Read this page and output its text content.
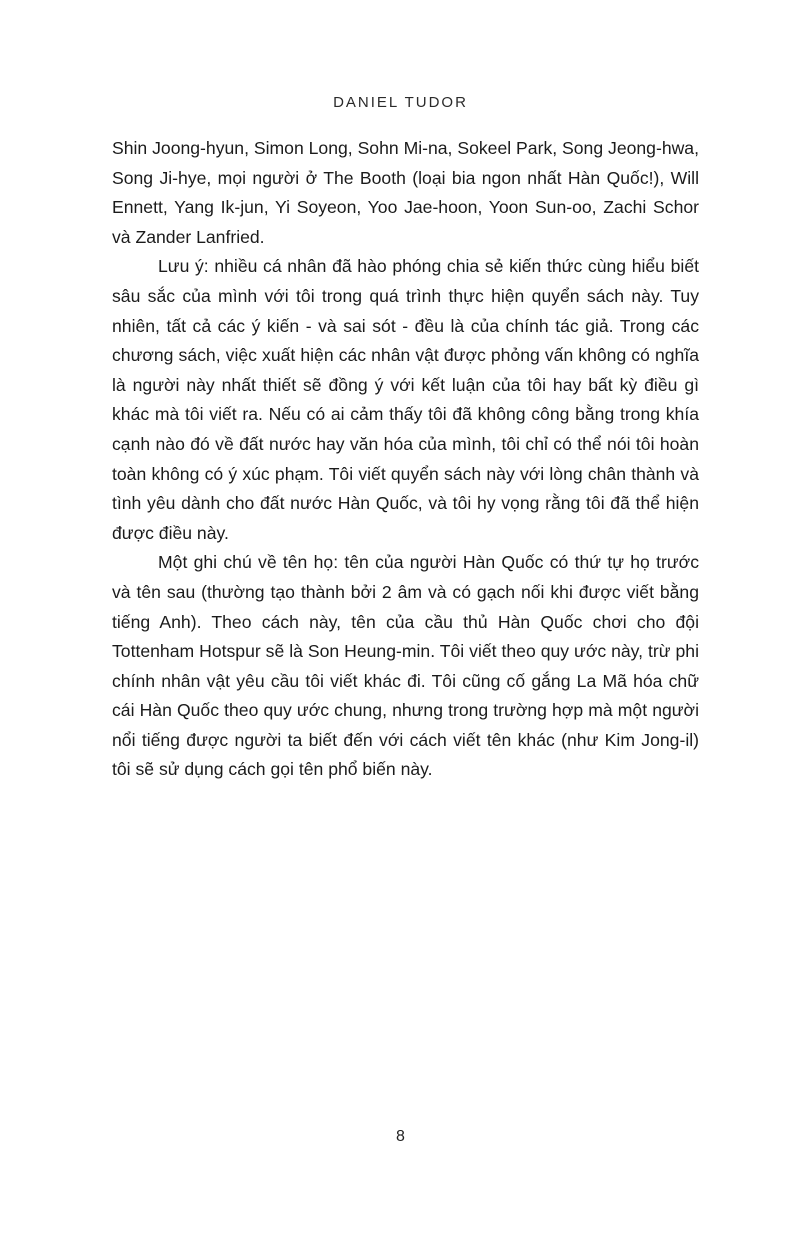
DANIEL TUDOR

Shin Joong-hyun, Simon Long, Sohn Mi-na, Sokeel Park, Song Jeong-hwa, Song Ji-hye, mọi người ở The Booth (loại bia ngon nhất Hàn Quốc!), Will Ennett, Yang Ik-jun, Yi Soyeon, Yoo Jae-hoon, Yoon Sun-oo, Zachi Schor và Zander Lanfried.

Lưu ý: nhiều cá nhân đã hào phóng chia sẻ kiến thức cùng hiểu biết sâu sắc của mình với tôi trong quá trình thực hiện quyển sách này. Tuy nhiên, tất cả các ý kiến - và sai sót - đều là của chính tác giả. Trong các chương sách, việc xuất hiện các nhân vật được phỏng vấn không có nghĩa là người này nhất thiết sẽ đồng ý với kết luận của tôi hay bất kỳ điều gì khác mà tôi viết ra. Nếu có ai cảm thấy tôi đã không công bằng trong khía cạnh nào đó về đất nước hay văn hóa của mình, tôi chỉ có thể nói tôi hoàn toàn không có ý xúc phạm. Tôi viết quyển sách này với lòng chân thành và tình yêu dành cho đất nước Hàn Quốc, và tôi hy vọng rằng tôi đã thể hiện được điều này.

Một ghi chú về tên họ: tên của người Hàn Quốc có thứ tự họ trước và tên sau (thường tạo thành bởi 2 âm và có gạch nối khi được viết bằng tiếng Anh). Theo cách này, tên của cầu thủ Hàn Quốc chơi cho đội Tottenham Hotspur sẽ là Son Heung-min. Tôi viết theo quy ước này, trừ phi chính nhân vật yêu cầu tôi viết khác đi. Tôi cũng cố gắng La Mã hóa chữ cái Hàn Quốc theo quy ước chung, nhưng trong trường hợp mà một người nổi tiếng được người ta biết đến với cách viết tên khác (như Kim Jong-il) tôi sẽ sử dụng cách gọi tên phổ biến này.

8
